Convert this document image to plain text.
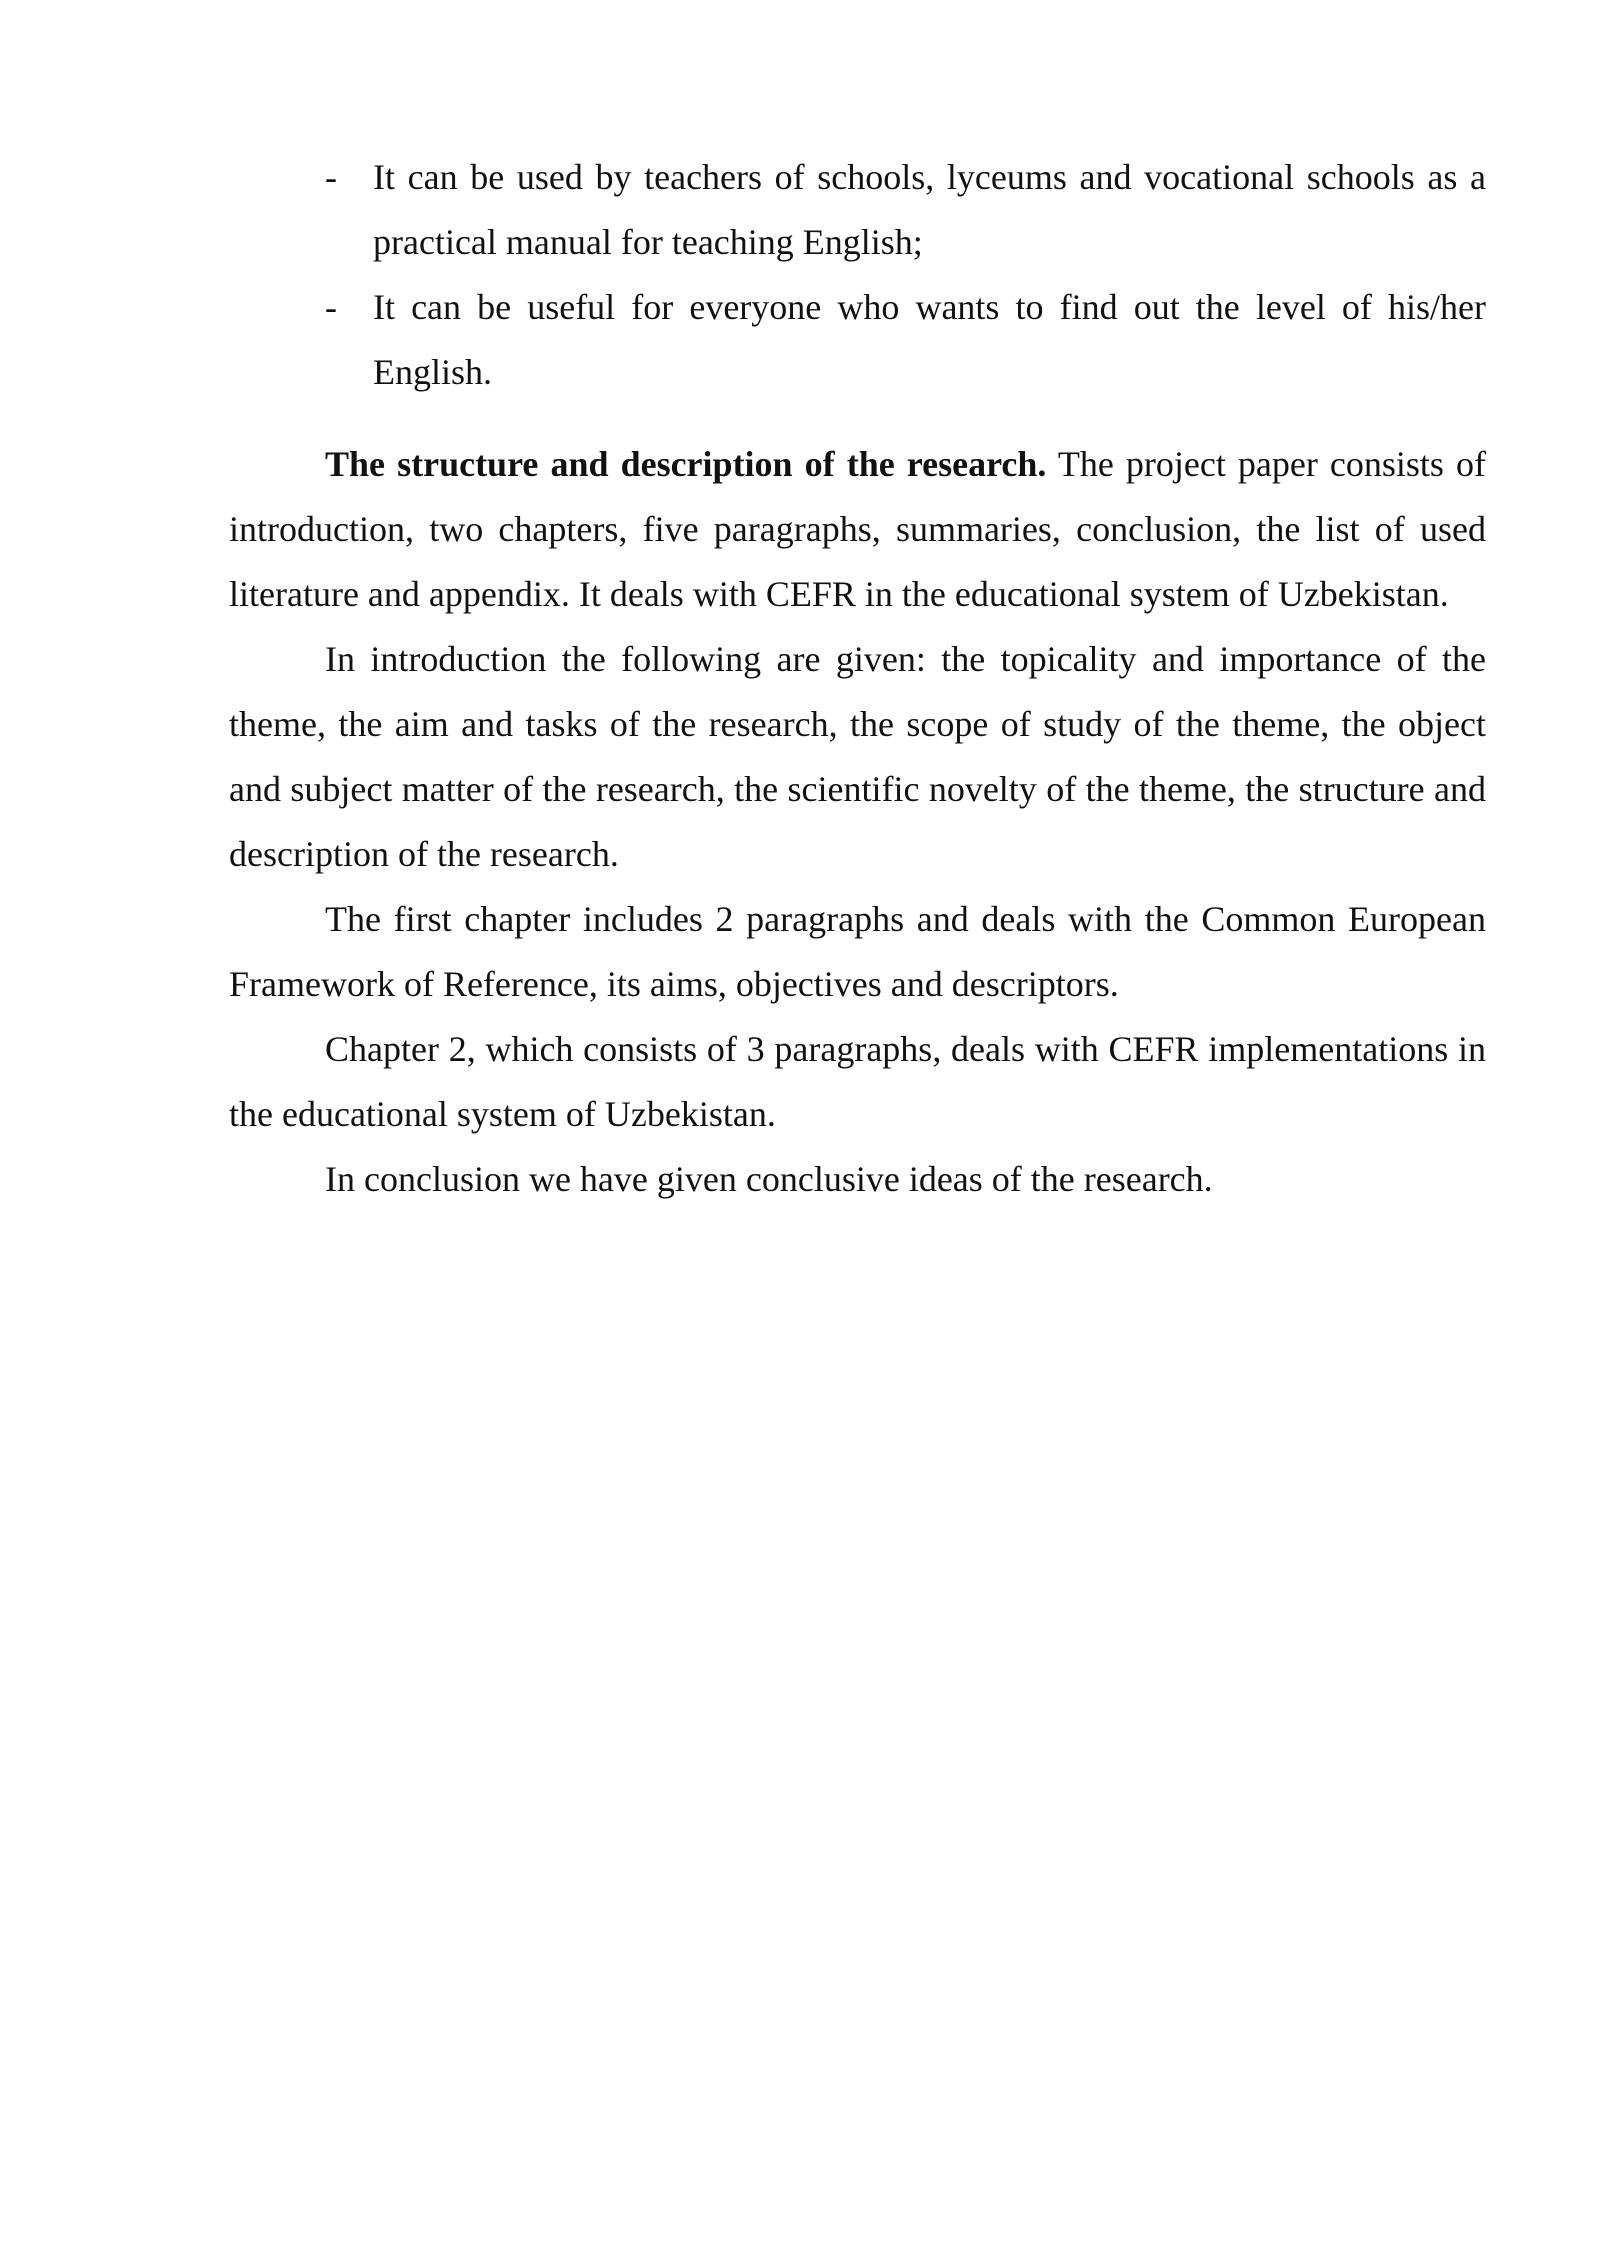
- It can be used by teachers of schools, lyceums and vocational schools as a practical manual for teaching English;
- It can be useful for everyone who wants to find out the level of his/her English.

The structure and description of the research. The project paper consists of introduction, two chapters, five paragraphs, summaries, conclusion, the list of used literature and appendix. It deals with CEFR in the educational system of Uzbekistan.

In introduction the following are given: the topicality and importance of the theme, the aim and tasks of the research, the scope of study of the theme, the object and subject matter of the research, the scientific novelty of the theme, the structure and description of the research.

The first chapter includes 2 paragraphs and deals with the Common European Framework of Reference, its aims, objectives and descriptors.

Chapter 2, which consists of 3 paragraphs, deals with CEFR implementations in the educational system of Uzbekistan.

In conclusion we have given conclusive ideas of the research.
